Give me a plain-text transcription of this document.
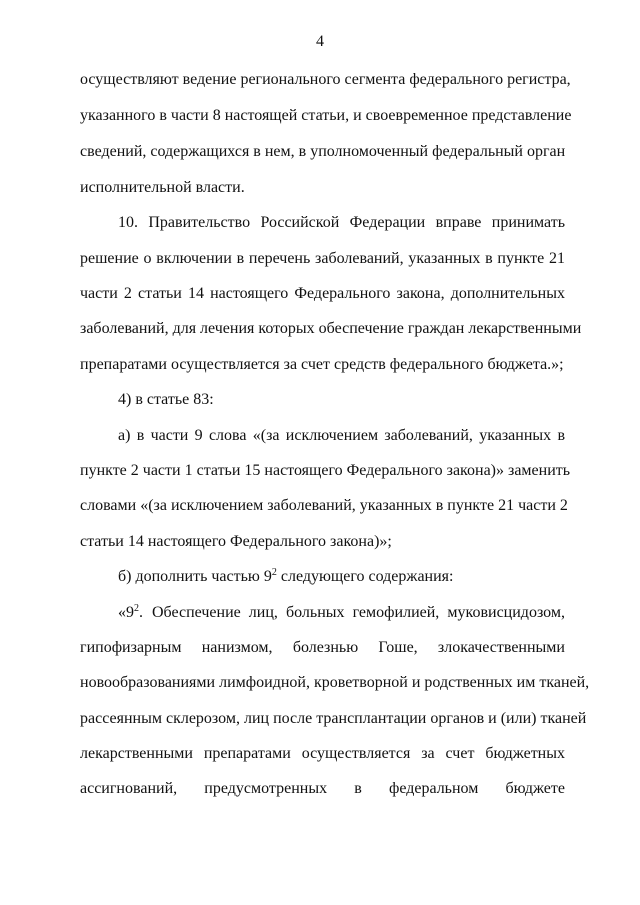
4
осуществляют ведение регионального сегмента федерального регистра,
указанного в части 8 настоящей статьи, и своевременное представление
сведений, содержащихся в нем, в уполномоченный федеральный орган
исполнительной власти.
10. Правительство Российской Федерации вправе принимать
решение о включении в перечень заболеваний, указанных в пункте 21
части 2 статьи 14 настоящего Федерального закона, дополнительных
заболеваний, для лечения которых обеспечение граждан лекарственными
препаратами осуществляется за счет средств федерального бюджета.»;
4) в статье 83:
а) в части 9 слова «(за исключением заболеваний, указанных в
пункте 2 части 1 статьи 15 настоящего Федерального закона)» заменить
словами «(за исключением заболеваний, указанных в пункте 21 части 2
статьи 14 настоящего Федерального закона)»;
б) дополнить частью $9^2$ следующего содержания:
«$9^2$. Обеспечение лиц, больных гемофилией, муковисцидозом,
гипофизарным нанизмом, болезнью Гоше, злокачественными
новообразованиями лимфоидной, кроветворной и родственных им тканей,
рассеянным склерозом, лиц после трансплантации органов и (или) тканей
лекарственными препаратами осуществляется за счет бюджетных
ассигнований, предусмотренных в федеральном бюджете
